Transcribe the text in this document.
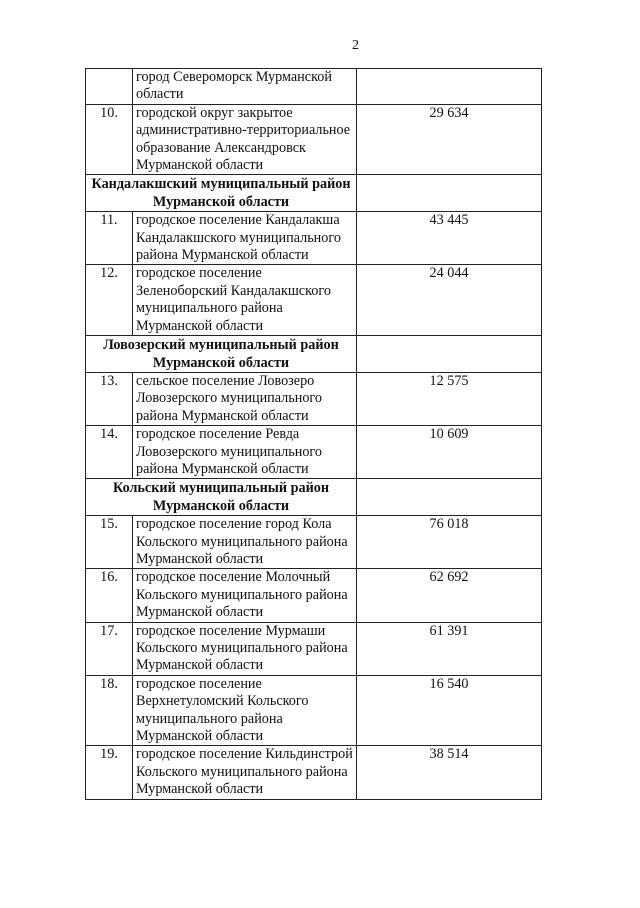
2
	город Североморск Мурманской области	
10.	городской округ закрытое административно-территориальное образование Александровск Мурманской области	29 634
Кандалакшский муниципальный район Мурманской области		
11.	городское поселение Кандалакша Кандалакшского муниципального района Мурманской области	43 445
12.	городское поселение Зеленоборский Кандалакшского муниципального района Мурманской области	24 044
Ловозерский муниципальный район Мурманской области		
13.	сельское поселение Ловозеро Ловозерского муниципального района Мурманской области	12 575
14.	городское поселение Ревда Ловозерского муниципального района Мурманской области	10 609
Кольский муниципальный район Мурманской области		
15.	городское поселение город Кола Кольского муниципального района Мурманской области	76 018
16.	городское поселение Молочный Кольского муниципального района Мурманской области	62 692
17.	городское поселение Мурмаши Кольского муниципального района Мурманской области	61 391
18.	городское поселение Верхнетуломский Кольского муниципального района Мурманской области	16 540
19.	городское поселение Кильдинстрой Кольского муниципального района Мурманской области	38 514
